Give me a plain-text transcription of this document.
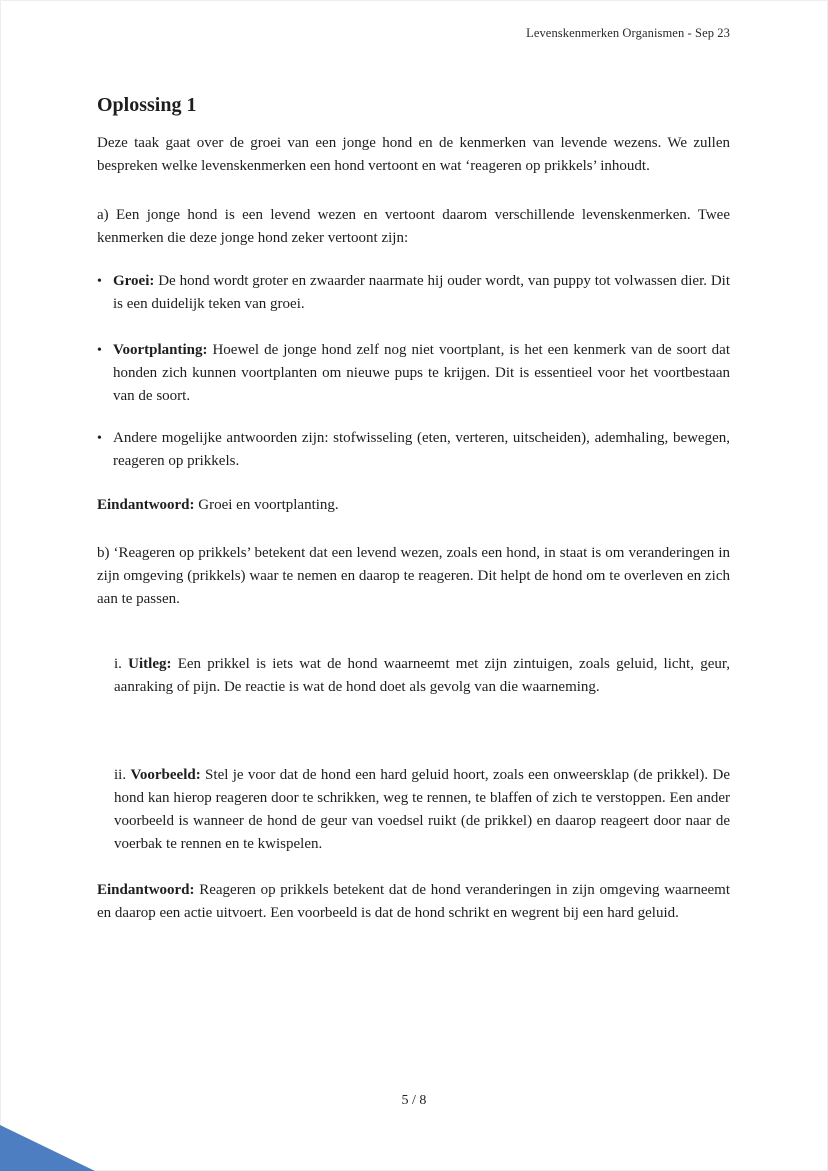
Levenskenmerken Organismen - Sep 23
Oplossing 1

Deze taak gaat over de groei van een jonge hond en de kenmerken van levende wezens. We zullen bespreken welke levenskenmerken een hond vertoont en wat ‘reageren op prikkels’ inhoudt.

a) Een jonge hond is een levend wezen en vertoont daarom verschillende levenskenmerken. Twee kenmerken die deze jonge hond zeker vertoont zijn:

• Groei: De hond wordt groter en zwaarder naarmate hij ouder wordt, van puppy tot volwassen dier. Dit is een duidelijk teken van groei.
• Voortplanting: Hoewel de jonge hond zelf nog niet voortplant, is het een kenmerk van de soort dat honden zich kunnen voortplanten om nieuwe pups te krijgen. Dit is essentieel voor het voortbestaan van de soort.
• Andere mogelijke antwoorden zijn: stofwisseling (eten, verteren, uitscheiden), ademhaling, bewegen, reageren op prikkels.

Eindantwoord: Groei en voortplanting.

b) ‘Reageren op prikkels’ betekent dat een levend wezen, zoals een hond, in staat is om veranderingen in zijn omgeving (prikkels) waar te nemen en daarop te reageren. Dit helpt de hond om te overleven en zich aan te passen.

i. Uitleg: Een prikkel is iets wat de hond waarneemt met zijn zintuigen, zoals geluid, licht, geur, aanraking of pijn. De reactie is wat de hond doet als gevolg van die waarneming.

ii. Voorbeeld: Stel je voor dat de hond een hard geluid hoort, zoals een onweersklap (de prikkel). De hond kan hierop reageren door te schrikken, weg te rennen, te blaffen of zich te verstoppen. Een ander voorbeeld is wanneer de hond de geur van voedsel ruikt (de prikkel) en daarop reageert door naar de voerbak te rennen en te kwispelen.

Eindantwoord: Reageren op prikkels betekent dat de hond veranderingen in zijn omgeving waarneemt en daarop een actie uitvoert. Een voorbeeld is dat de hond schrikt en wegrent bij een hard geluid.

5 / 8
